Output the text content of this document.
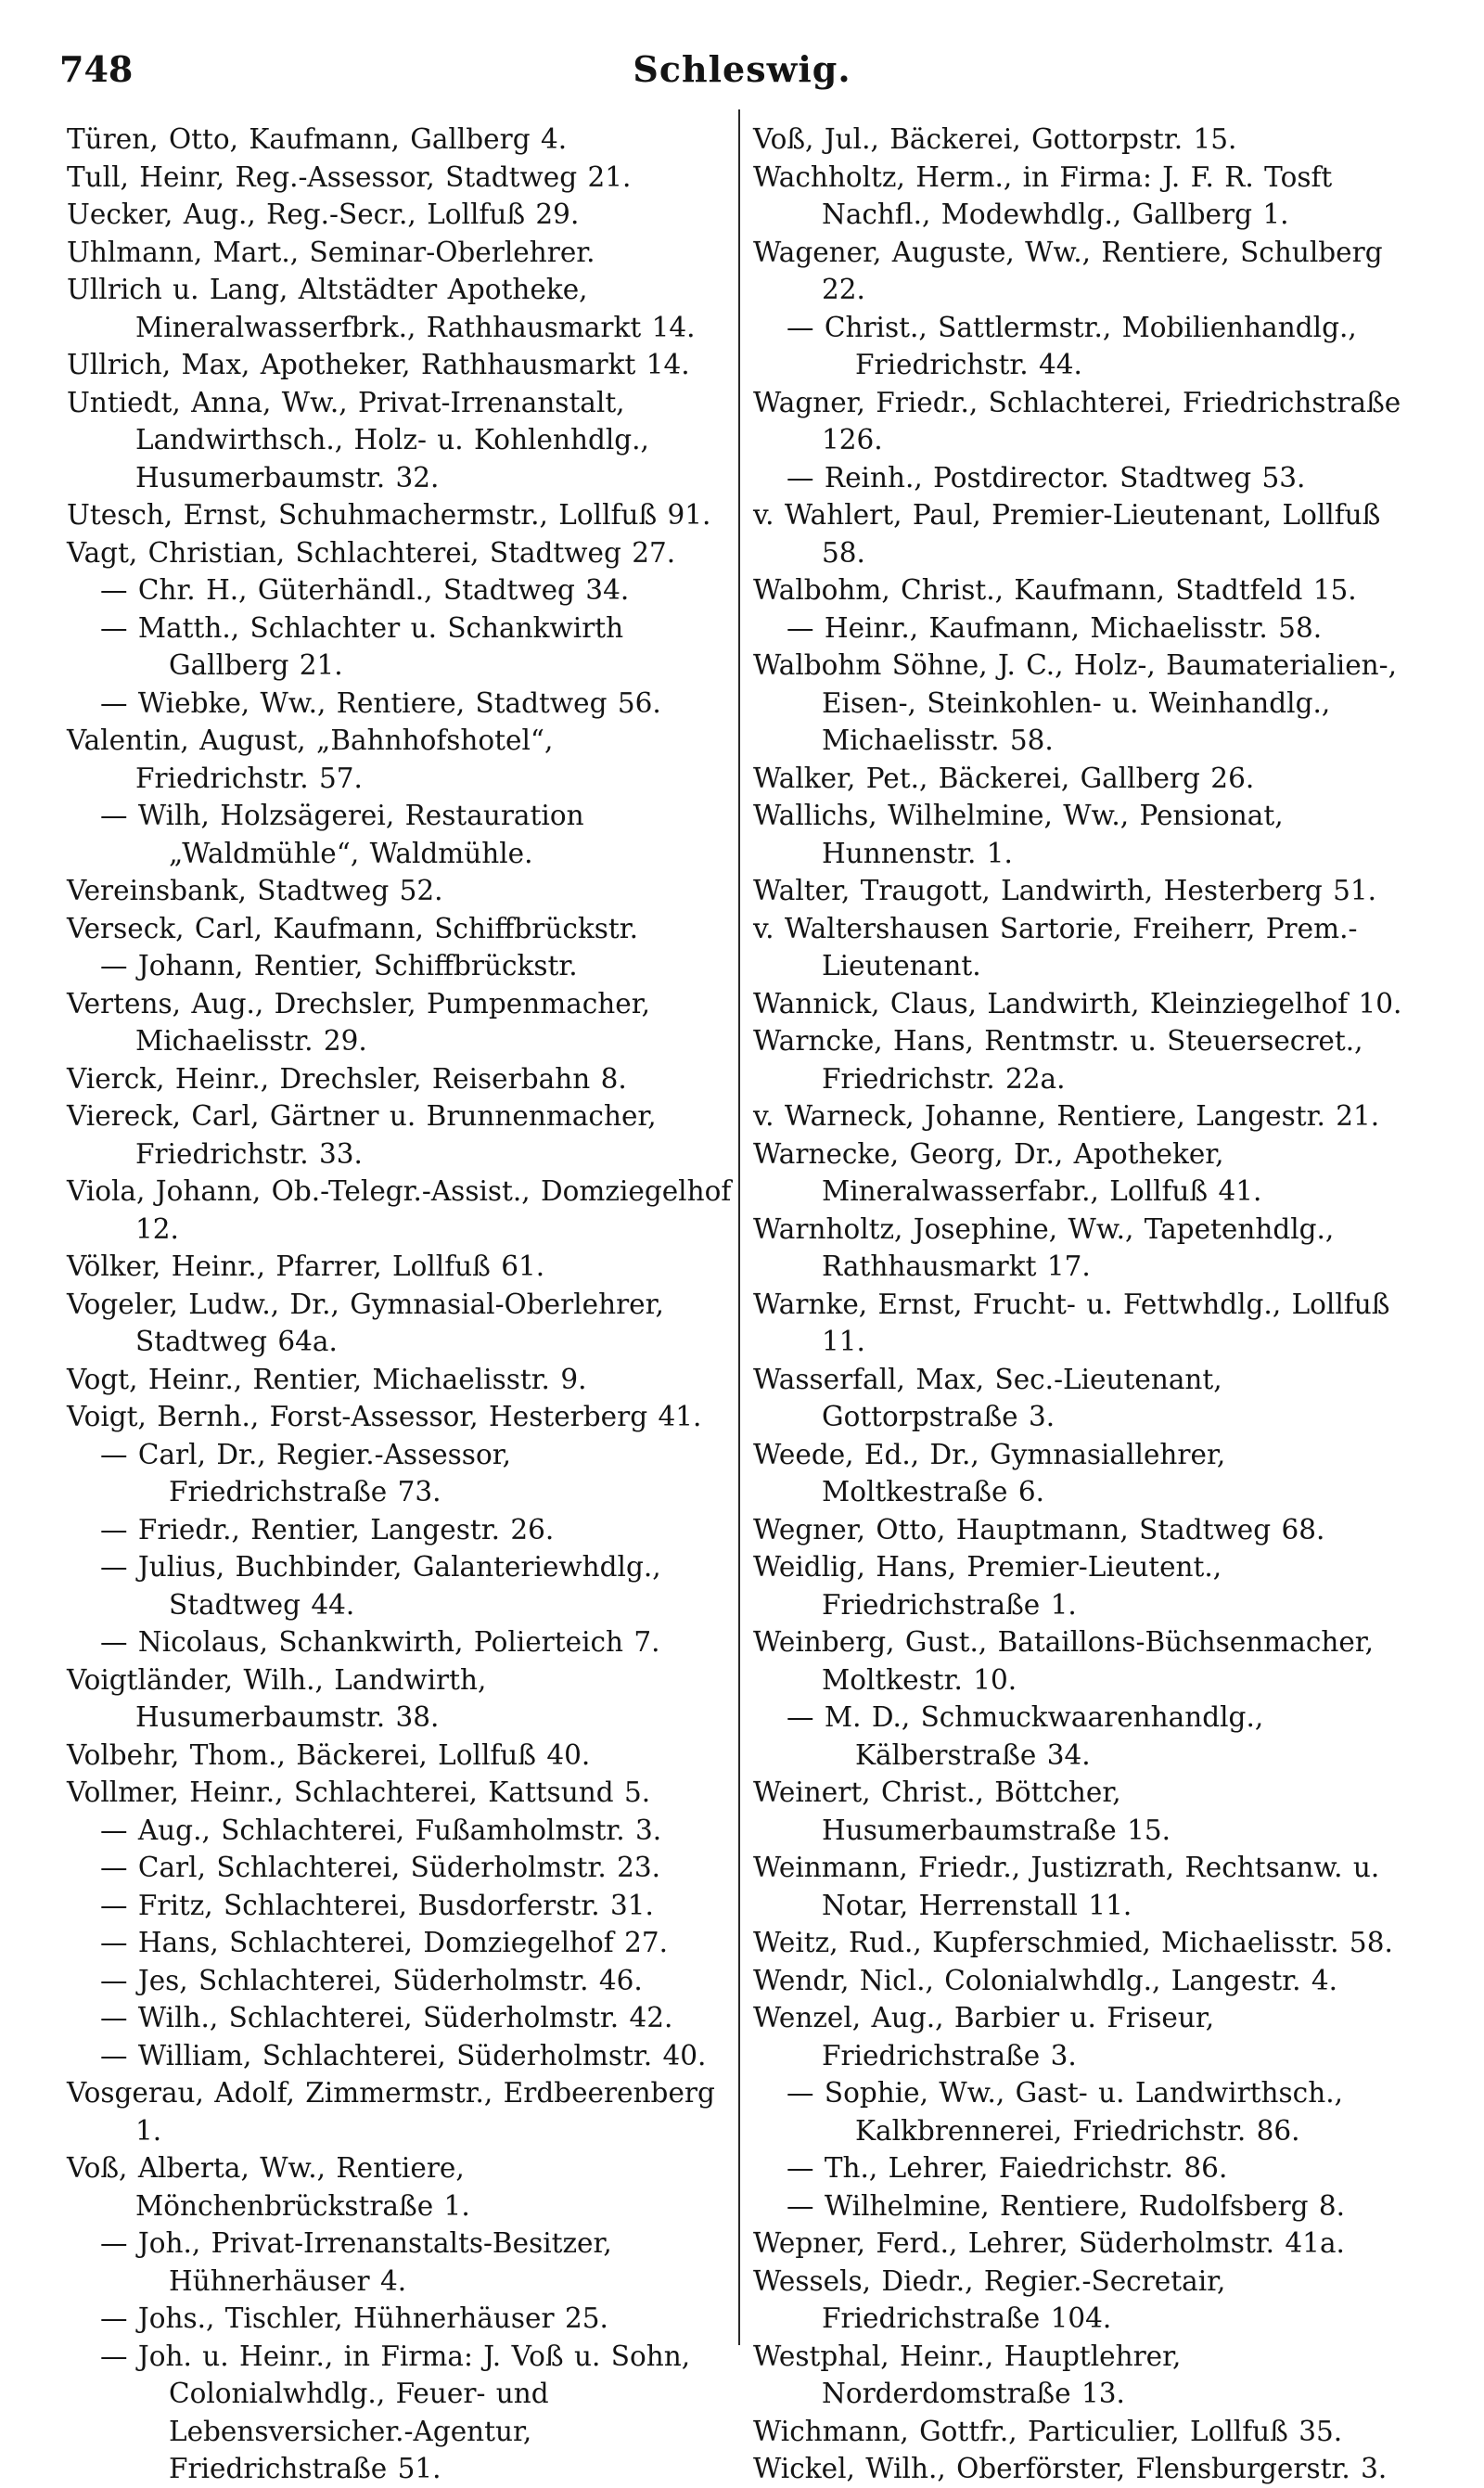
748	Schleswig.

Türen, Otto, Kaufmann, Gallberg 4.

Tull, Heinr, Reg.-Assessor, Stadtweg 21.

Uecker, Aug., Reg.-Secr., Lollfuß 29.

Uhlmann, Mart., Seminar-Oberlehrer.

Ullrich u. Lang, Altstädter Apotheke, Mineralwasserfbrk., Rathhausmarkt 14.

Ullrich, Max, Apotheker, Rathhausmarkt 14.

Untiedt, Anna, Ww., Privat-Irrenanstalt, Landwirthsch., Holz- u. Kohlenhdlg., Husumerbaumstr. 32.

Utesch, Ernst, Schuhmachermstr., Lollfuß 91.

Vagt, Christian, Schlachterei, Stadtweg 27.

— Chr. H., Güterhändl., Stadtweg 34.

— Matth., Schlachter u. Schankwirth Gallberg 21.

— Wiebke, Ww., Rentiere, Stadtweg 56.

Valentin, August, „Bahnhofshotel“, Friedrichstr. 57.

— Wilh, Holzsägerei, Restauration „Waldmühle“, Waldmühle.

Vereinsbank, Stadtweg 52.

Verseck, Carl, Kaufmann, Schiffbrückstr.

— Johann, Rentier, Schiffbrückstr.

Vertens, Aug., Drechsler, Pumpenmacher, Michaelisstr. 29.

Vierck, Heinr., Drechsler, Reiserbahn 8.

Viereck, Carl, Gärtner u. Brunnenmacher, Friedrichstr. 33.

Viola, Johann, Ob.-Telegr.-Assist., Domziegelhof 12.

Völker, Heinr., Pfarrer, Lollfuß 61.

Vogeler, Ludw., Dr., Gymnasial-Oberlehrer, Stadtweg 64a.

Vogt, Heinr., Rentier, Michaelisstr. 9.

Voigt, Bernh., Forst-Assessor, Hesterberg 41.

— Carl, Dr., Regier.-Assessor, Friedrichstraße 73.

— Friedr., Rentier, Langestr. 26.

— Julius, Buchbinder, Galanteriewhdlg., Stadtweg 44.

— Nicolaus, Schankwirth, Polierteich 7.

Voigtländer, Wilh., Landwirth, Husumerbaumstr. 38.

Volbehr, Thom., Bäckerei, Lollfuß 40.

Vollmer, Heinr., Schlachterei, Kattsund 5.

— Aug., Schlachterei, Fußamholmstr. 3.

— Carl, Schlachterei, Süderholmstr. 23.

— Fritz, Schlachterei, Busdorferstr. 31.

— Hans, Schlachterei, Domziegelhof 27.

— Jes, Schlachterei, Süderholmstr. 46.

— Wilh., Schlachterei, Süderholmstr. 42.

— William, Schlachterei, Süderholmstr. 40.

Vosgerau, Adolf, Zimmermstr., Erdbeerenberg 1.

Voß, Alberta, Ww., Rentiere, Mönchenbrückstraße 1.

— Joh., Privat-Irrenanstalts-Besitzer, Hühnerhäuser 4.

— Johs., Tischler, Hühnerhäuser 25.

— Joh. u. Heinr., in Firma: J. Voß u. Sohn, Colonialwhdlg., Feuer- und Lebensversicher.-Agentur, Friedrichstraße 51.

Voß, Jul., Bäckerei, Gottorpstr. 15.

Wachholtz, Herm., in Firma: J. F. R. Tosft Nachfl., Modewhdlg., Gallberg 1.

Wagener, Auguste, Ww., Rentiere, Schulberg 22.

— Christ., Sattlermstr., Mobilienhandlg., Friedrichstr. 44.

Wagner, Friedr., Schlachterei, Friedrichstraße 126.

— Reinh., Postdirector. Stadtweg 53.

v. Wahlert, Paul, Premier-Lieutenant, Lollfuß 58.

Walbohm, Christ., Kaufmann, Stadtfeld 15.

— Heinr., Kaufmann, Michaelisstr. 58.

Walbohm Söhne, J. C., Holz-, Baumaterialien-, Eisen-, Steinkohlen- u. Weinhandlg., Michaelisstr. 58.

Walker, Pet., Bäckerei, Gallberg 26.

Wallichs, Wilhelmine, Ww., Pensionat, Hunnenstr. 1.

Walter, Traugott, Landwirth, Hesterberg 51.

v. Waltershausen Sartorie, Freiherr, Prem.-Lieutenant.

Wannick, Claus, Landwirth, Kleinziegelhof 10.

Warncke, Hans, Rentmstr. u. Steuersecret., Friedrichstr. 22a.

v. Warneck, Johanne, Rentiere, Langestr. 21.

Warnecke, Georg, Dr., Apotheker, Mineralwasserfabr., Lollfuß 41.

Warnholtz, Josephine, Ww., Tapetenhdlg., Rathhausmarkt 17.

Warnke, Ernst, Frucht- u. Fettwhdlg., Lollfuß 11.

Wasserfall, Max, Sec.-Lieutenant, Gottorpstraße 3.

Weede, Ed., Dr., Gymnasiallehrer, Moltkestraße 6.

Wegner, Otto, Hauptmann, Stadtweg 68.

Weidlig, Hans, Premier-Lieutent., Friedrichstraße 1.

Weinberg, Gust., Bataillons-Büchsenmacher, Moltkestr. 10.

— M. D., Schmuckwaarenhandlg., Kälberstraße 34.

Weinert, Christ., Böttcher, Husumerbaumstraße 15.

Weinmann, Friedr., Justizrath, Rechtsanw. u. Notar, Herrenstall 11.

Weitz, Rud., Kupferschmied, Michaelisstr. 58.

Wendr, Nicl., Colonialwhdlg., Langestr. 4.

Wenzel, Aug., Barbier u. Friseur, Friedrichstraße 3.

— Sophie, Ww., Gast- u. Landwirthsch., Kalkbrennerei, Friedrichstr. 86.

— Th., Lehrer, Faiedrichstr. 86.

— Wilhelmine, Rentiere, Rudolfsberg 8.

Wepner, Ferd., Lehrer, Süderholmstr. 41a.

Wessels, Diedr., Regier.-Secretair, Friedrichstraße 104.

Westphal, Heinr., Hauptlehrer, Norderdomstraße 13.

Wichmann, Gottfr., Particulier, Lollfuß 35.

Wickel, Wilh., Oberförster, Flensburgerstr. 3.
